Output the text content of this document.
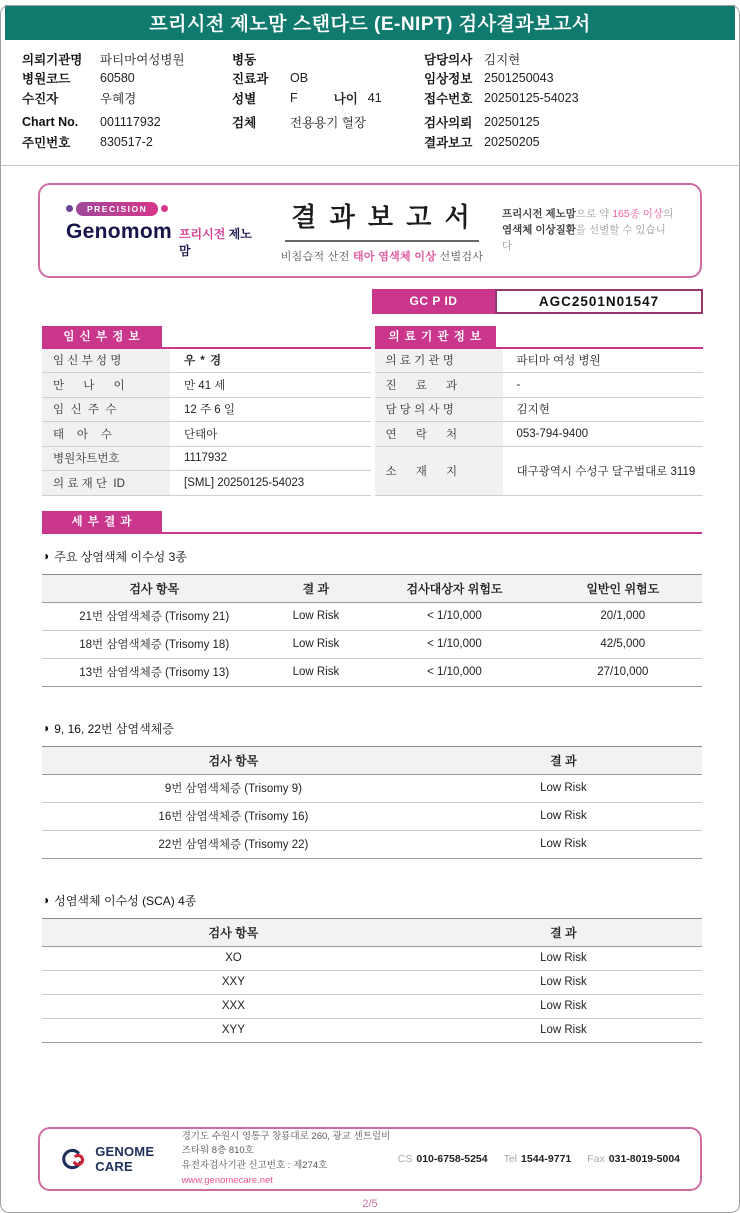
프리시전 제노맘 스탠다드 (E-NIPT) 검사결과보고서
의뢰기관명	파티마여성병원
병원코드	60580
수진자	우혜경
Chart No.	001117932
주민번호	830517-2
병동
진료과	OB
성별	F	나이 41
검체	전용용기 혈장
담당의사 김지현
임상정보 2501250043
접수번호 20250125-54023
검사의뢰 20250125
결과보고 20250205
PRECISION
Genomom 프리시전 제노맘
결 과 보 고 서
비침습적 산전 태아 염색체 이상 선별검사
프리시전 제노맘으로 약 165종 이상의
염색체 이상질환을 선별할 수 있습니다
GC P ID	AGC2501N01547
임 신 부 정 보
임 신 부 성 명	우 * 경
만      나      이	만 41 세
임  신  주  수	12 주 6 일
태    아    수	단태아
병원차트번호	1117932
의 료 재 단  ID	[SML] 20250125-54023
의 료 기 관 정 보
의 료 기 관 명	파티마 여성 병원
진      료      과	-
담 당 의 사 명	김지현
연      락      처	053-794-9400
소      재      지	대구광역시 수성구 달구벌대로 3119
세 부 결 과
◑ 주요 상염색체 이수성 3종
검사 항목	결 과	검사대상자 위험도	일반인 위험도
21번 삼염색체증 (Trisomy 21)	Low Risk	< 1/10,000	20/1,000
18번 삼염색체증 (Trisomy 18)	Low Risk	< 1/10,000	42/5,000
13번 삼염색체증 (Trisomy 13)	Low Risk	< 1/10,000	27/10,000
◑ 9, 16, 22번 삼염색체증
검사 항목	결 과
9번 삼염색체증 (Trisomy 9)	Low Risk
16번 삼염색체증 (Trisomy 16)	Low Risk
22번 삼염색체증 (Trisomy 22)	Low Risk
◑ 성염색체 이수성 (SCA) 4종
검사 항목	결 과
XO	Low Risk
XXY	Low Risk
XXX	Low Risk
XYY	Low Risk
GENOME CARE
경기도 수원시 영통구 창룡대로 260, 광교 센트럴비즈타워 8층 810호
유전자검사기관 신고번호 : 제274호
www.genomecare.net
CS 010-6758-5254 Tel 1544-9771 Fax 031-8019-5004
2/5
